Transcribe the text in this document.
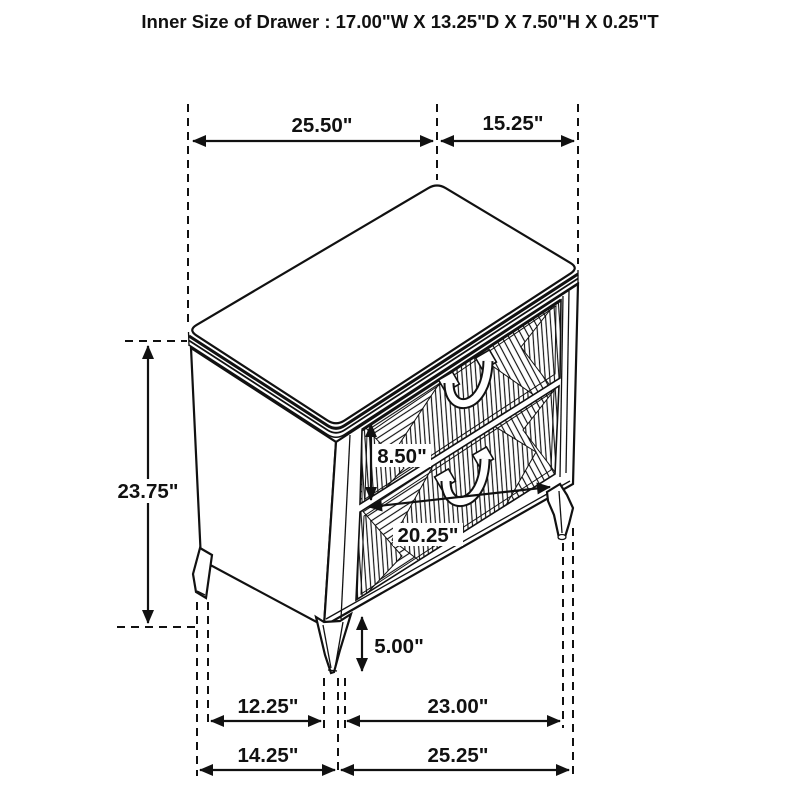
25.50"	15.25"
23.75"
8.50"
20.25"
5.00"
12.25"	23.00"
14.25"	25.25"
Inner Size of Drawer : 17.00"W X 13.25"D X 7.50"H X 0.25"T
